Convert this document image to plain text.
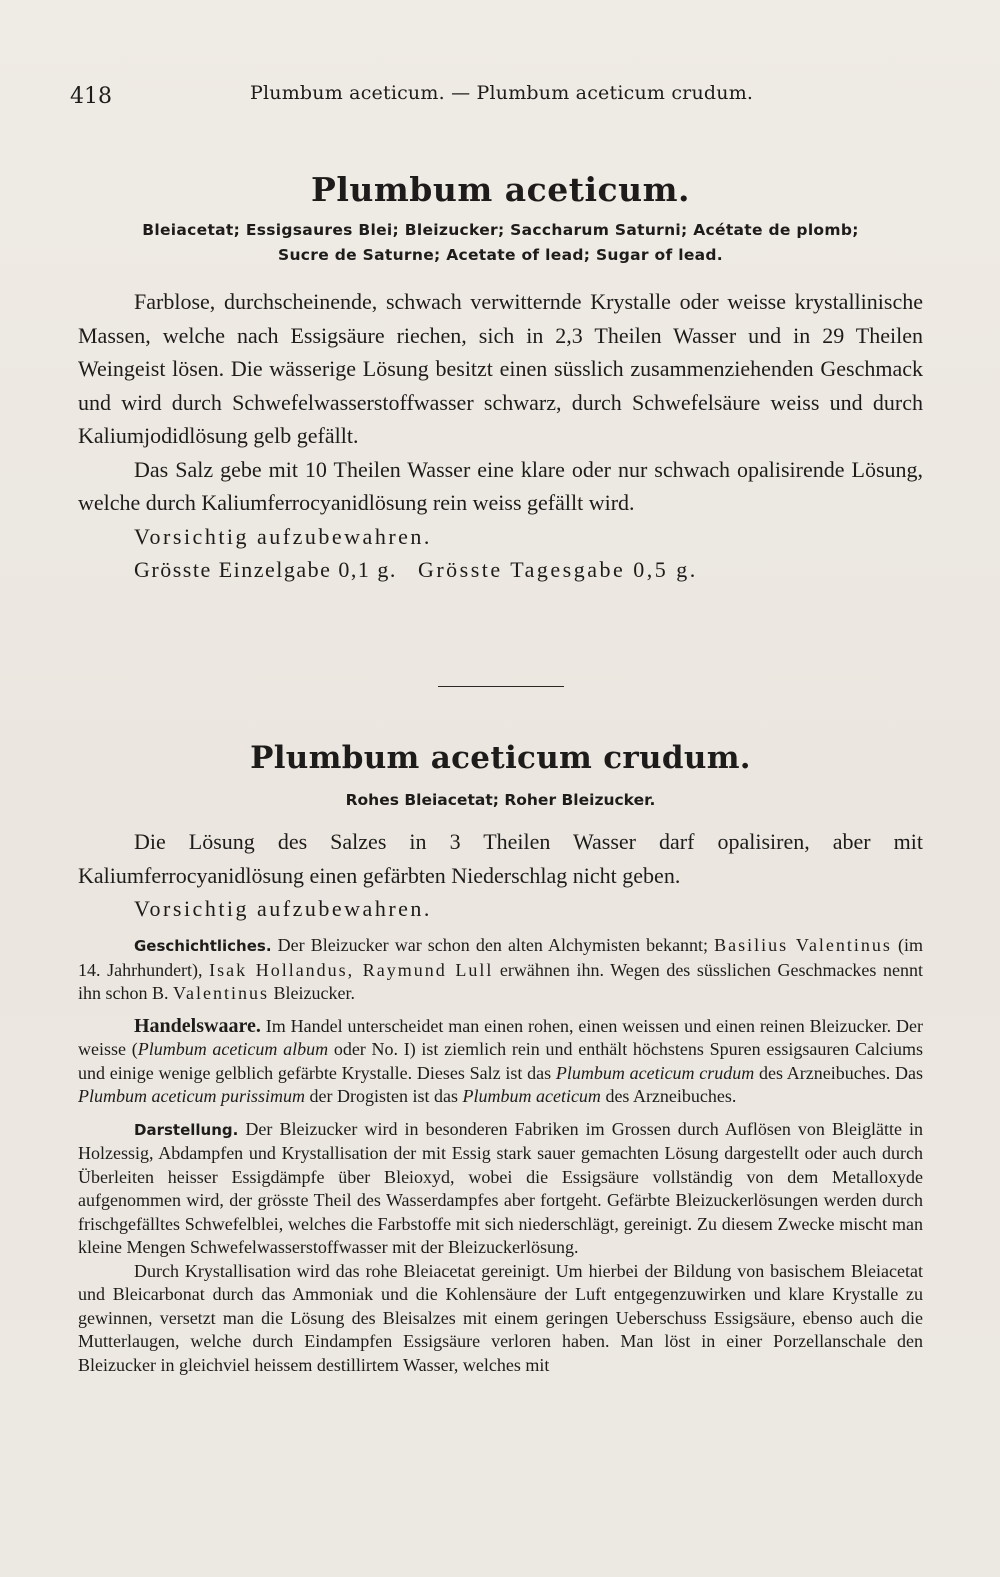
418	Plumbum aceticum. — Plumbum aceticum crudum.
Plumbum aceticum.
Bleiacetat; Essigsaures Blei; Bleizucker; Saccharum Saturni; Acétate de plomb;
Sucre de Saturne; Acetate of lead; Sugar of lead.

Farblose, durchscheinende, schwach verwitternde Krystalle oder weisse krystallinische Massen, welche nach Essigsäure riechen, sich in 2,3 Theilen Wasser und in 29 Theilen Weingeist lösen. Die wässerige Lösung besitzt einen süsslich zusammenziehenden Geschmack und wird durch Schwefelwasserstoffwasser schwarz, durch Schwefelsäure weiss und durch Kaliumjodidlösung gelb gefällt.

Das Salz gebe mit 10 Theilen Wasser eine klare oder nur schwach opalisirende Lösung, welche durch Kaliumferrocyanidlösung rein weiss gefällt wird.

Vorsichtig aufzubewahren.
Grösste Einzelgabe 0,1 g. Grösste Tagesgabe 0,5 g.
Plumbum aceticum crudum.
Rohes Bleiacetat; Roher Bleizucker.

Die Lösung des Salzes in 3 Theilen Wasser darf opalisiren, aber mit Kaliumferrocyanidlösung einen gefärbten Niederschlag nicht geben.

Vorsichtig aufzubewahren.

Geschichtliches. Der Bleizucker war schon den alten Alchymisten bekannt; Basilius Valentinus (im 14. Jahrhundert), Isak Hollandus, Raymund Lull erwähnen ihn. Wegen des süsslichen Geschmackes nennt ihn schon B. Valentinus Bleizucker.

Handelswaare. Im Handel unterscheidet man einen rohen, einen weissen und einen reinen Bleizucker. Der weisse (Plumbum aceticum album oder No. I) ist ziemlich rein und enthält höchstens Spuren essigsauren Calciums und einige wenige gelblich gefärbte Krystalle. Dieses Salz ist das Plumbum aceticum crudum des Arzneibuches. Das Plumbum aceticum purissimum der Drogisten ist das Plumbum aceticum des Arzneibuches.

Darstellung. Der Bleizucker wird in besonderen Fabriken im Grossen durch Auflösen von Bleiglätte in Holzessig, Abdampfen und Krystallisation der mit Essig stark sauer gemachten Lösung dargestellt oder auch durch Überleiten heisser Essigdämpfe über Bleioxyd, wobei die Essigsäure vollständig von dem Metalloxyde aufgenommen wird, der grösste Theil des Wasserdampfes aber fortgeht. Gefärbte Bleizuckerlösungen werden durch frischgefälltes Schwefelblei, welches die Farbstoffe mit sich niederschlägt, gereinigt. Zu diesem Zwecke mischt man kleine Mengen Schwefelwasserstoffwasser mit der Bleizuckerlösung.

Durch Krystallisation wird das rohe Bleiacetat gereinigt. Um hierbei der Bildung von basischem Bleiacetat und Bleicarbonat durch das Ammoniak und die Kohlensäure der Luft entgegenzuwirken und klare Krystalle zu gewinnen, versetzt man die Lösung des Bleisalzes mit einem geringen Ueberschuss Essigsäure, ebenso auch die Mutterlaugen, welche durch Eindampfen Essigsäure verloren haben. Man löst in einer Porzellanschale den Bleizucker in gleichviel heissem destillirtem Wasser, welches mit
